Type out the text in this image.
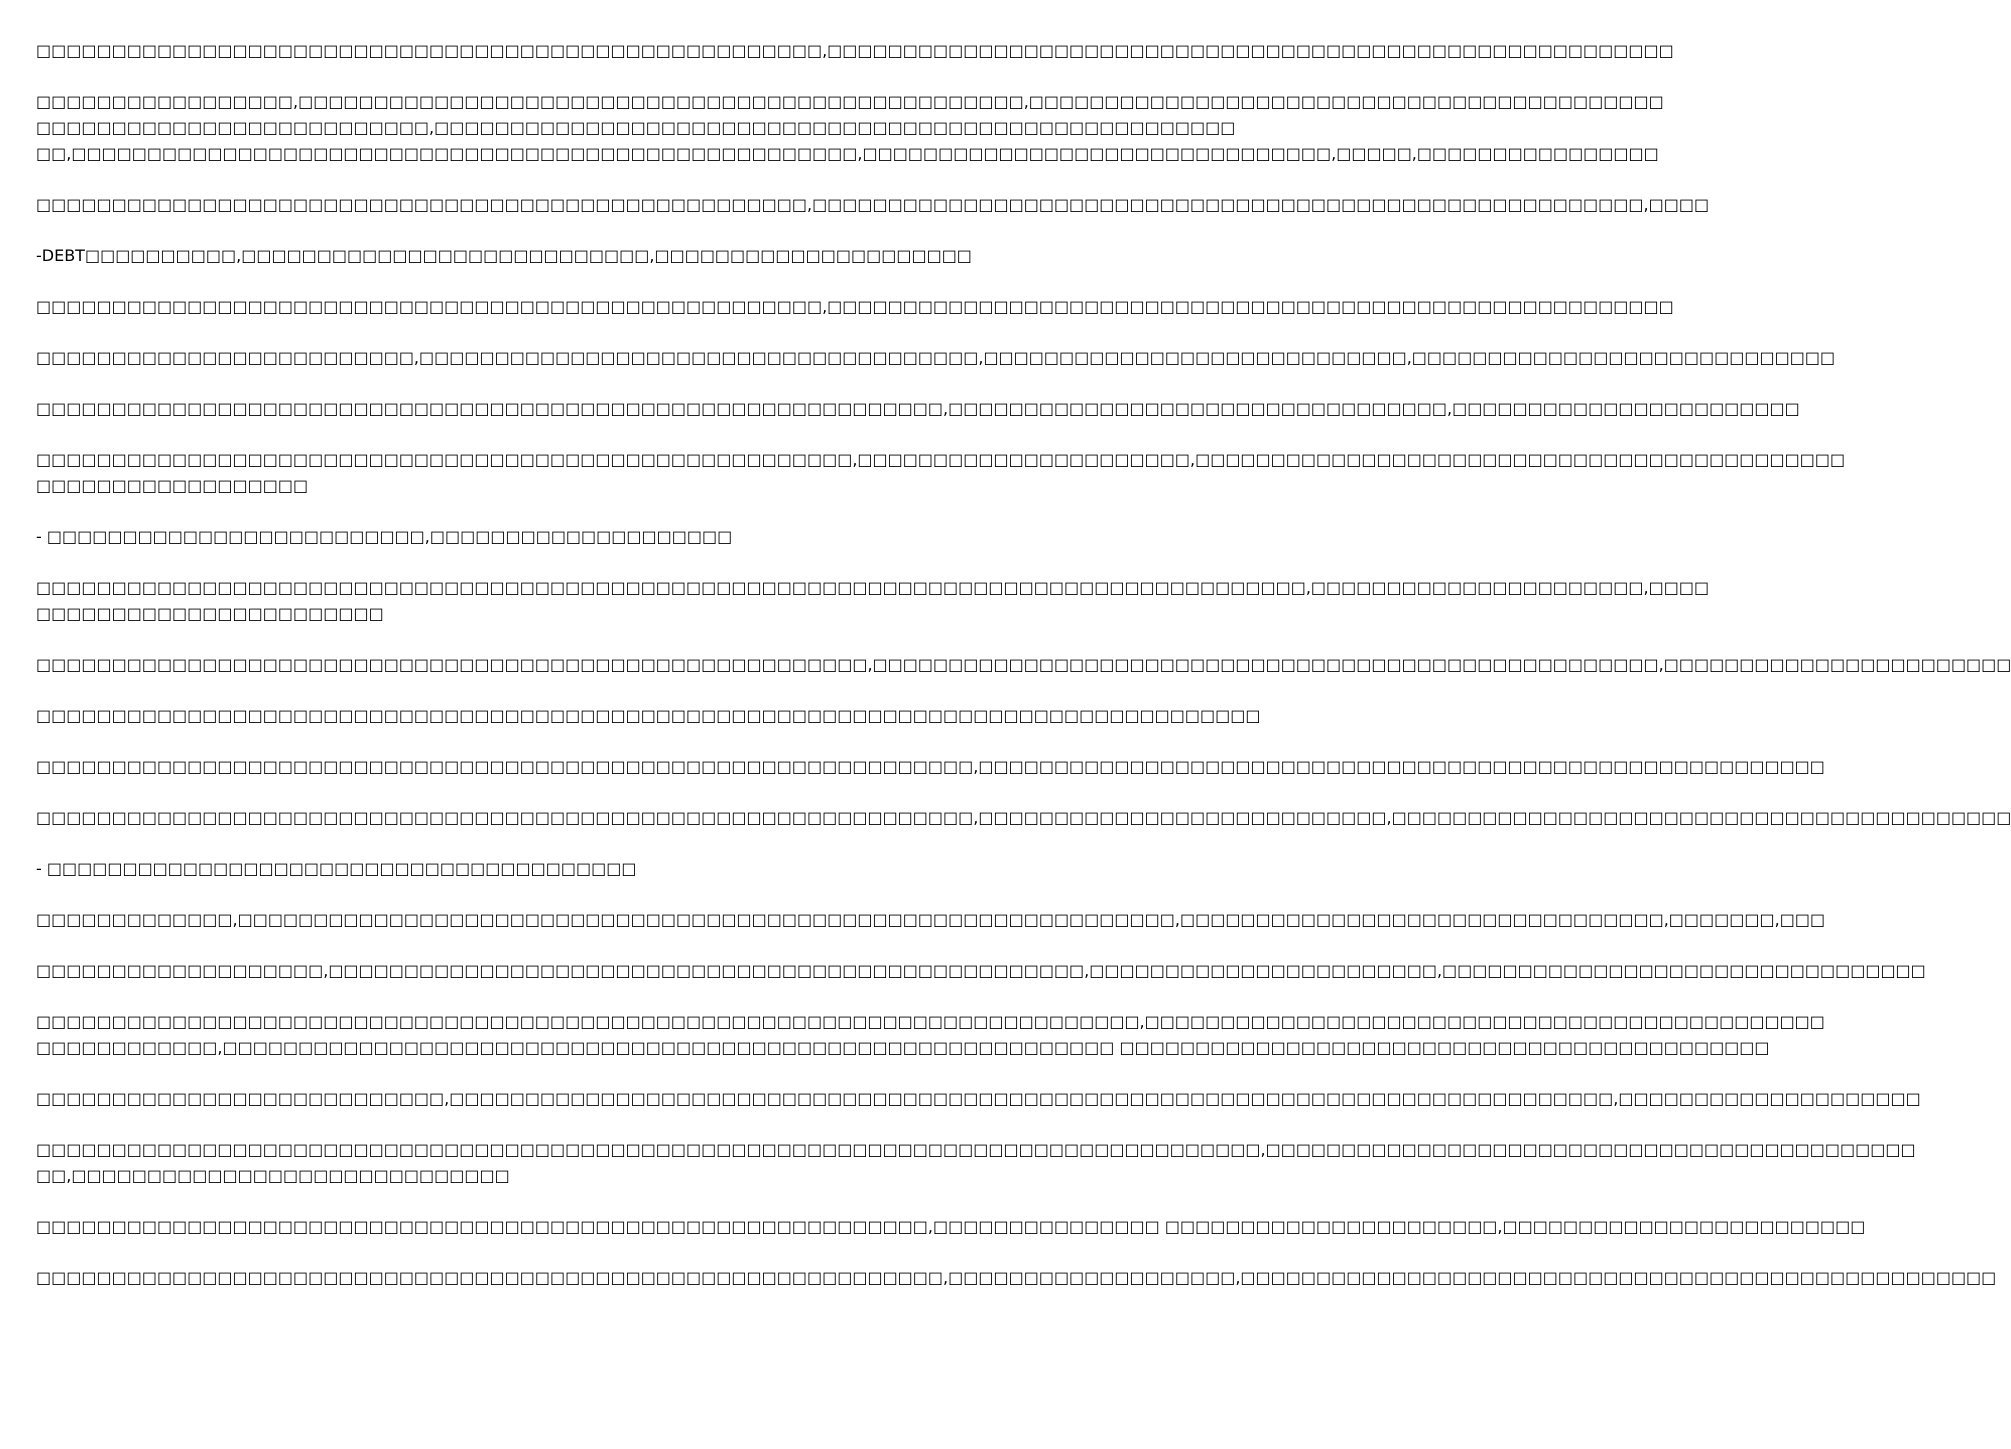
□□□□□□□□□□□□□□□□□□□□□□□□□□□□□□□□□□□□□□□□□□□□□□□□□□□□,□□□□□□□□□□□□□□□□□□□□□□□□□□□□□□□□□□□□□□□□□□□□□□□□□□□□□□□□
□□□□□□□□□□□□□□□□□,□□□□□□□□□□□□□□□□□□□□□□□□□□□□□□□□□□□□□□□□□□□□□□□□,□□□□□□□□□□□□□□□□□□□□□□□□□□□□□□□□□□□□□□□□□□
□□□□□□□□□□□□□□□□□□□□□□□□□□,□□□□□□□□□□□□□□□□□□□□□□□□□□□□□□□□□□□□□□□□□□□□□□□□□□□□□
□□,□□□□□□□□□□□□□□□□□□□□□□□□□□□□□□□□□□□□□□□□□□□□□□□□□□□□,□□□□□□□□□□□□□□□□□□□□□□□□□□□□□□□,□□□□□,□□□□□□□□□□□□□□□□
□□□□□□□□□□□□□□□□□□□□□□□□□□□□□□□□□□□□□□□□□□□□□□□□□□□,□□□□□□□□□□□□□□□□□□□□□□□□□□□□□□□□□□□□□□□□□□□□□□□□□□□□□□□,□□□□
-DEBT□□□□□□□□□□,□□□□□□□□□□□□□□□□□□□□□□□□□□□,□□□□□□□□□□□□□□□□□□□□□
□□□□□□□□□□□□□□□□□□□□□□□□□□□□□□□□□□□□□□□□□□□□□□□□□□□□,□□□□□□□□□□□□□□□□□□□□□□□□□□□□□□□□□□□□□□□□□□□□□□□□□□□□□□□□
□□□□□□□□□□□□□□□□□□□□□□□□□,□□□□□□□□□□□□□□□□□□□□□□□□□□□□□□□□□□□□□,□□□□□□□□□□□□□□□□□□□□□□□□□□□□,□□□□□□□□□□□□□□□□□□□□□□□□□□□□
□□□□□□□□□□□□□□□□□□□□□□□□□□□□□□□□□□□□□□□□□□□□□□□□□□□□□□□□□□□□,□□□□□□□□□□□□□□□□□□□□□□□□□□□□□□□□□,□□□□□□□□□□□□□□□□□□□□□□□
□□□□□□□□□□□□□□□□□□□□□□□□□□□□□□□□□□□□□□□□□□□□□□□□□□□□□□,□□□□□□□□□□□□□□□□□□□□□□,□□□□□□□□□□□□□□□□□□□□□□□□□□□□□□□□□□□□□□□□□□□
□□□□□□□□□□□□□□□□□□
- □□□□□□□□□□□□□□□□□□□□□□□□□,□□□□□□□□□□□□□□□□□□□□
□□□□□□□□□□□□□□□□□□□□□□□□□□□□□□□□□□□□□□□□□□□□□□□□□□□□□□□□□□□□□□□□□□□□□□□□□□□□□□□□□□□□,□□□□□□□□□□□□□□□□□□□□□□,□□□□
□□□□□□□□□□□□□□□□□□□□□□□
□□□□□□□□□□□□□□□□□□□□□□□□□□□□□□□□□□□□□□□□□□□□□□□□□□□□□□□,□□□□□□□□□□□□□□□□□□□□□□□□□□□□□□□□□□□□□□□□□□□□□□□□□□□□,□□□□□□□□□□□□□□□□□□□□□□□
□□□□□□□□□□□□□□□□□□□□□□□□□□□□□□□□□□□□□□□□□□□□□□□□□□□□□□□□□□□□□□□□□□□□□□□□□□□□□□□□□
□□□□□□□□□□□□□□□□□□□□□□□□□□□□□□□□□□□□□□□□□□□□□□□□□□□□□□□□□□□□□□,□□□□□□□□□□□□□□□□□□□□□□□□□□□□□□□□□□□□□□□□□□□□□□□□□□□□□□□□
□□□□□□□□□□□□□□□□□□□□□□□□□□□□□□□□□□□□□□□□□□□□□□□□□□□□□□□□□□□□□□,□□□□□□□□□□□□□□□□□□□□□□□□□□□,□□□□□□□□□□□□□□□□□□□□□□□□□□□□□□□□□□□□□□□□□
- □□□□□□□□□□□□□□□□□□□□□□□□□□□□□□□□□□□□□□□
□□□□□□□□□□□□□,□□□□□□□□□□□□□□□□□□□□□□□□□□□□□□□□□□□□□□□□□□□□□□□□□□□□□□□□□□□□□□,□□□□□□□□□□□□□□□□□□□□□□□□□□□□□□□□,□□□□□□□,□□□
□□□□□□□□□□□□□□□□□□□,□□□□□□□□□□□□□□□□□□□□□□□□□□□□□□□□□□□□□□□□□□□□□□□□□□,□□□□□□□□□□□□□□□□□□□□□□□,□□□□□□□□□□□□□□□□□□□□□□□□□□□□□□□□
□□□□□□□□□□□□□□□□□□□□□□□□□□□□□□□□□□□□□□□□□□□□□□□□□□□□□□□□□□□□□□□□□□□□□□□□□,□□□□□□□□□□□□□□□□□□□□□□□□□□□□□□□□□□□□□□□□□□□□□
□□□□□□□□□□□□,□□□□□□□□□□□□□□□□□□□□□□□□□□□□□□□□□□□□□□□□□□□□□□□□□□□□□□□□□□□ □□□□□□□□□□□□□□□□□□□□□□□□□□□□□□□□□□□□□□□□□□□
□□□□□□□□□□□□□□□□□□□□□□□□□□□,□□□□□□□□□□□□□□□□□□□□□□□□□□□□□□□□□□□□□□□□□□□□□□□□□□□□□□□□□□□□□□□□□□□□□□□□□□□□□,□□□□□□□□□□□□□□□□□□□□
□□□□□□□□□□□□□□□□□□□□□□□□□□□□□□□□□□□□□□□□□□□□□□□□□□□□□□□□□□□□□□□□□□□□□□□□□□□□□□□□□,□□□□□□□□□□□□□□□□□□□□□□□□□□□□□□□□□□□□□□□□□□□
□□,□□□□□□□□□□□□□□□□□□□□□□□□□□□□□
□□□□□□□□□□□□□□□□□□□□□□□□□□□□□□□□□□□□□□□□□□□□□□□□□□□□□□□□□□□,□□□□□□□□□□□□□□□ □□□□□□□□□□□□□□□□□□□□□□,□□□□□□□□□□□□□□□□□□□□□□□□
□□□□□□□□□□□□□□□□□□□□□□□□□□□□□□□□□□□□□□□□□□□□□□□□□□□□□□□□□□□□,□□□□□□□□□□□□□□□□□□□,□□□□□□□□□□□□□□□□□□□□□□□□□□□□□□□□□□□□□□□□□□□□□□□□□□
